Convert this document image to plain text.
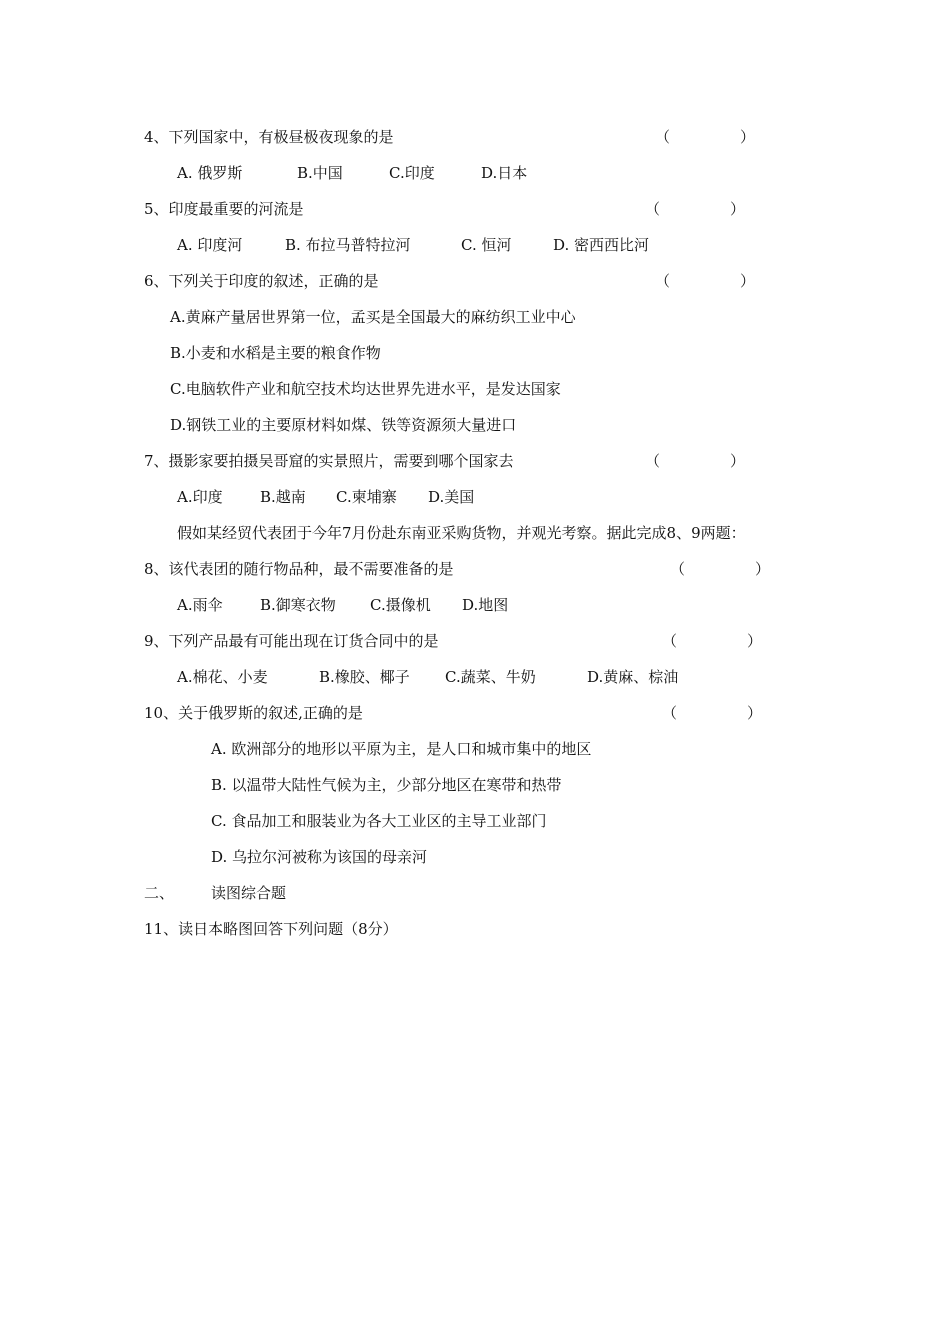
4、下列国家中，有极昼极夜现象的是	（	）
A. 俄罗斯	B.中国	C.印度	D.日本
5、印度最重要的河流是	（	）
A. 印度河	B. 布拉马普特拉河	C. 恒河	D. 密西西比河
6、下列关于印度的叙述，正确的是	（	）
A.黄麻产量居世界第一位，孟买是全国最大的麻纺织工业中心
B.小麦和水稻是主要的粮食作物
C.电脑软件产业和航空技术均达世界先进水平，是发达国家
D.钢铁工业的主要原材料如煤、铁等资源须大量进口
7、摄影家要拍摄吴哥窟的实景照片，需要到哪个国家去	（	）
A.印度 B.越南 C.柬埔寨 D.美国
假如某经贸代表团于今年7月份赴东南亚采购货物，并观光考察。据此完成8、9两题：
8、该代表团的随行物品种，最不需要准备的是	（	）
A.雨伞 B.御寒衣物 C.摄像机 D.地图
9、下列产品最有可能出现在订货合同中的是	（	）
A.棉花、小麦	B.橡胶、椰子 C.蔬菜、牛奶	D.黄麻、棕油
10、关于俄罗斯的叙述,正确的是	（	）
A. 欧洲部分的地形以平原为主，是人口和城市集中的地区
B. 以温带大陆性气候为主，少部分地区在寒带和热带
C. 食品加工和服装业为各大工业区的主导工业部门
D. 乌拉尔河被称为该国的母亲河
二、 读图综合题
11、读日本略图回答下列问题（8分）
